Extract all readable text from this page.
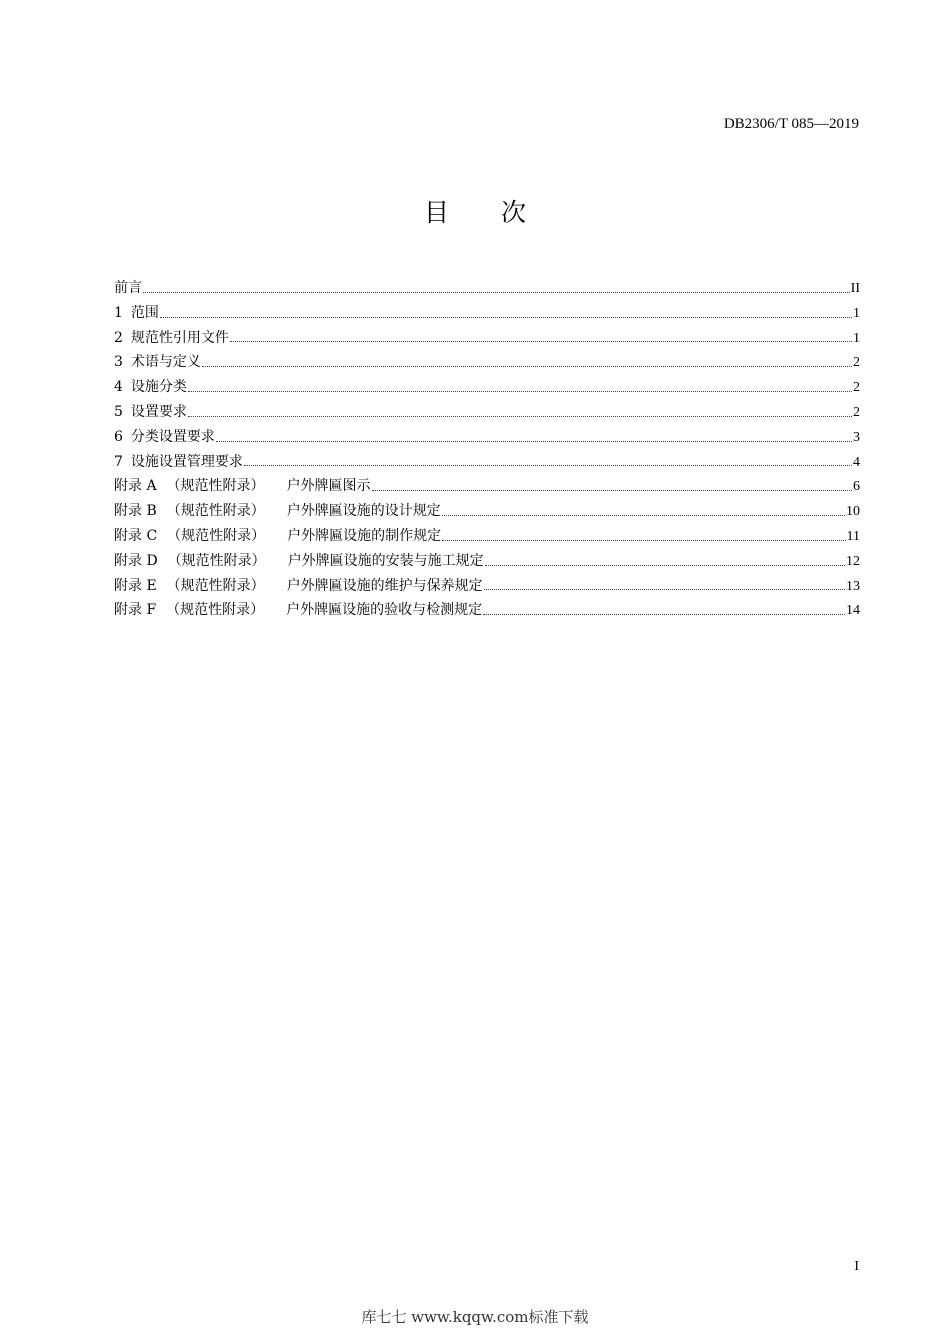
DB2306/T 085—2019
目次
前言	II
1 范围	1
2 规范性引用文件	1
3 术语与定义	2
4 设施分类	2
5 设置要求	2
6 分类设置要求	3
7 设施设置管理要求	4
附录 A （规范性附录） 户外牌匾图示	6
附录 B （规范性附录） 户外牌匾设施的设计规定	10
附录 C （规范性附录） 户外牌匾设施的制作规定	11
附录 D （规范性附录） 户外牌匾设施的安装与施工规定	12
附录 E （规范性附录） 户外牌匾设施的维护与保养规定	13
附录 F （规范性附录） 户外牌匾设施的验收与检测规定	14
I
库七七 www.kqqw.com标准下载
